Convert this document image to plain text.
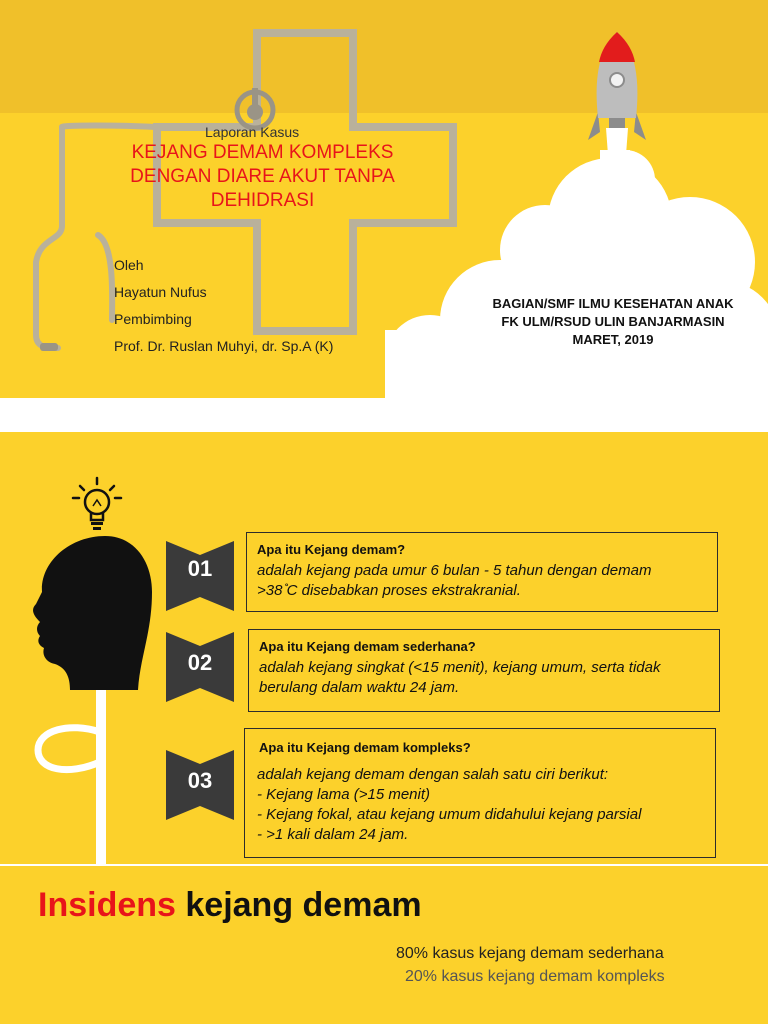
Laporan Kasus
KEJANG DEMAM KOMPLEKS
DENGAN DIARE AKUT TANPA
DEHIDRASI
Oleh
Hayatun Nufus
Pembimbing
Prof. Dr. Ruslan Muhyi, dr. Sp.A (K)
BAGIAN/SMF ILMU KESEHATAN ANAK
FK ULM/RSUD ULIN BANJARMASIN
MARET, 2019
01
Apa itu Kejang demam?
adalah kejang pada umur 6 bulan - 5 tahun dengan demam
>38 ̊C disebabkan proses ekstrakranial.
02
Apa itu Kejang demam sederhana?
adalah kejang singkat (<15 menit), kejang umum, serta tidak
berulang dalam waktu 24 jam.
03
Apa itu Kejang demam kompleks?
adalah kejang demam dengan salah satu ciri berikut:
- Kejang lama (>15 menit)
- Kejang fokal, atau kejang umum didahului kejang parsial
- >1 kali dalam 24 jam.
Insidens kejang demam
80% kasus kejang demam sederhana
20% kasus kejang demam kompleks
